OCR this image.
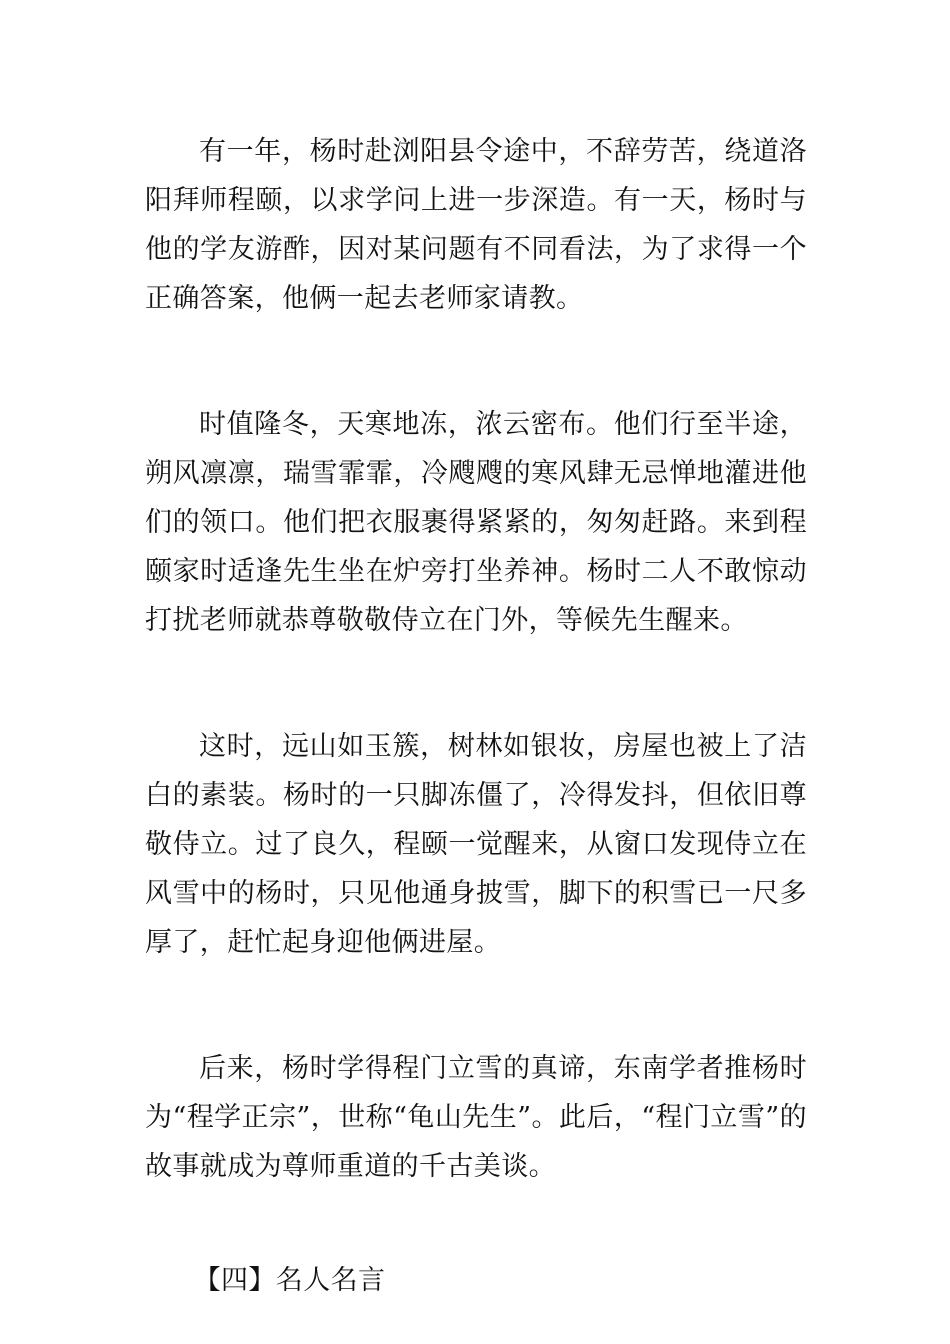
有一年，杨时赴浏阳县令途中，不辞劳苦，绕道洛阳拜师程颐，以求学问上进一步深造。有一天，杨时与他的学友游酢，因对某问题有不同看法，为了求得一个正确答案，他俩一起去老师家请教。

时值隆冬，天寒地冻，浓云密布。他们行至半途，朔风凛凛，瑞雪霏霏，冷飕飕的寒风肆无忌惮地灌进他们的领口。他们把衣服裹得紧紧的，匆匆赶路。来到程颐家时适逢先生坐在炉旁打坐养神。杨时二人不敢惊动打扰老师就恭尊敬敬侍立在门外，等候先生醒来。

这时，远山如玉簇，树林如银妆，房屋也被上了洁白的素装。杨时的一只脚冻僵了，冷得发抖，但依旧尊敬侍立。过了良久，程颐一觉醒来，从窗口发现侍立在风雪中的杨时，只见他通身披雪，脚下的积雪已一尺多厚了，赶忙起身迎他俩进屋。

后来，杨时学得程门立雪的真谛，东南学者推杨时为“程学正宗”，世称“龟山先生”。此后，“程门立雪”的故事就成为尊师重道的千古美谈。

【四】名人名言
